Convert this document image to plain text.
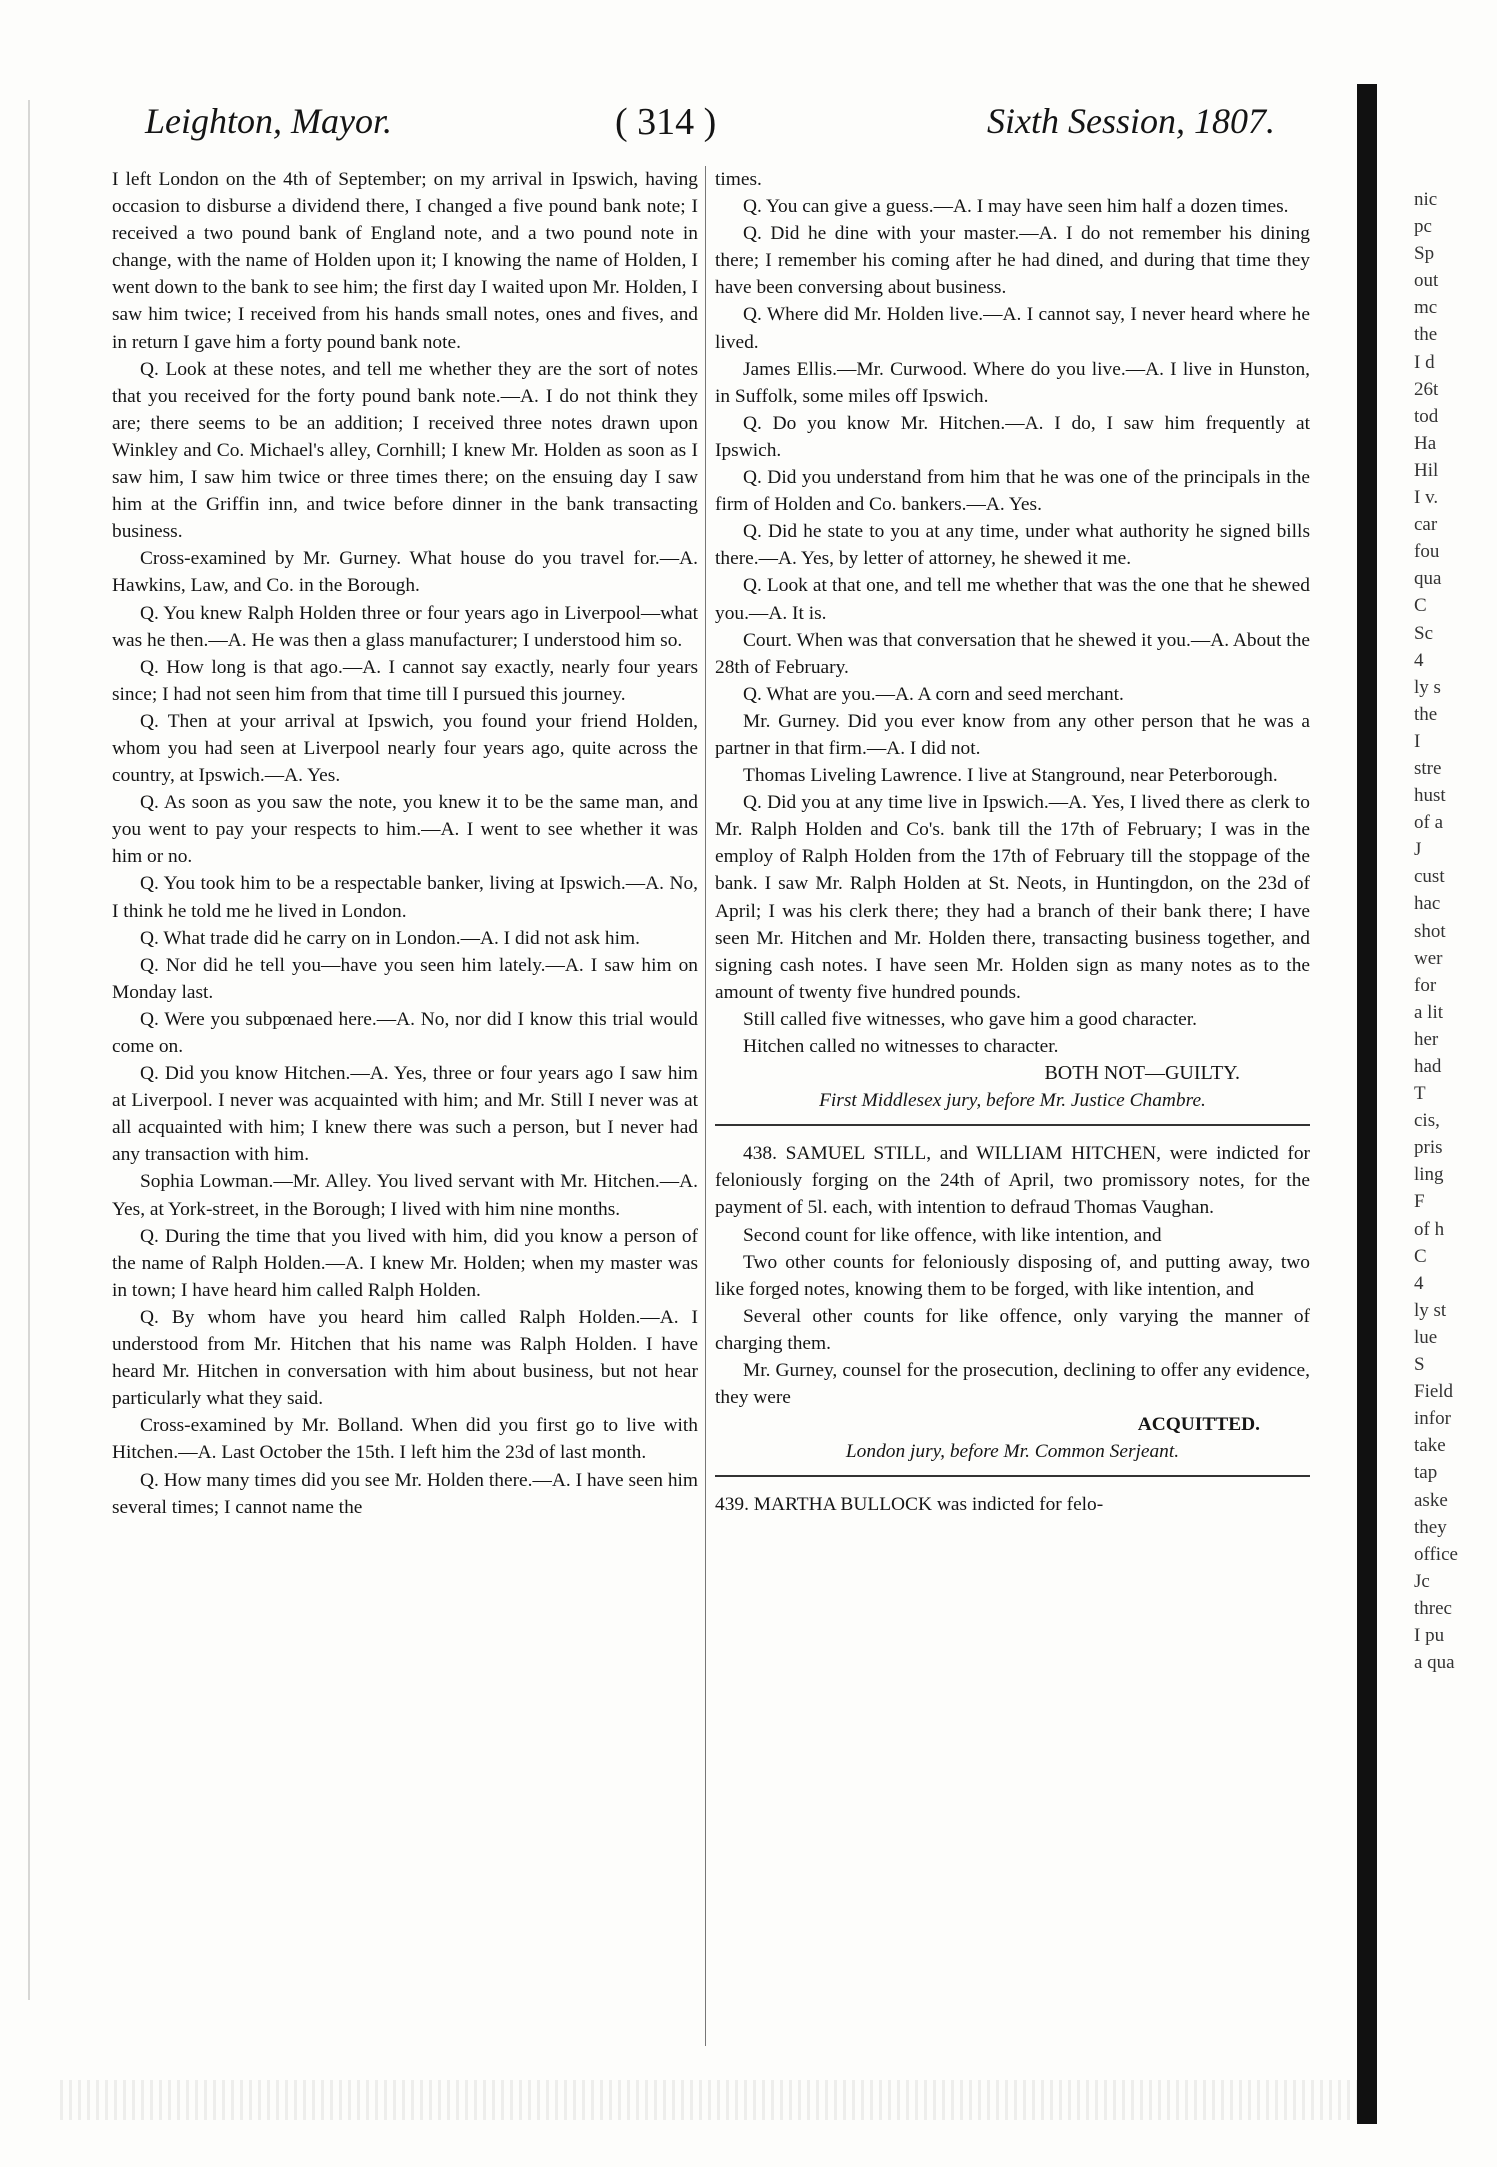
Leighton, Mayor.	( 314 )	Sixth Session, 1807.

I left London on the 4th of September; on my arrival in Ipswich, having occasion to disburse a dividend there, I changed a five pound bank note; I received a two pound bank of England note, and a two pound note in change, with the name of Holden upon it; I knowing the name of Holden, I went down to the bank to see him; the first day I waited upon Mr. Holden, I saw him twice; I received from his hands small notes, ones and fives, and in return I gave him a forty pound bank note.

Q. Look at these notes, and tell me whether they are the sort of notes that you received for the forty pound bank note.—A. I do not think they are; there seems to be an addition; I received three notes drawn upon Winkley and Co. Michael's alley, Cornhill; I knew Mr. Holden as soon as I saw him, I saw him twice or three times there; on the ensuing day I saw him at the Griffin inn, and twice before dinner in the bank transacting business.

Cross-examined by Mr. Gurney. What house do you travel for.—A. Hawkins, Law, and Co. in the Borough.

Q. You knew Ralph Holden three or four years ago in Liverpool—what was he then.—A. He was then a glass manufacturer; I understood him so.

Q. How long is that ago.—A. I cannot say exactly, nearly four years since; I had not seen him from that time till I pursued this journey.

Q. Then at your arrival at Ipswich, you found your friend Holden, whom you had seen at Liverpool nearly four years ago, quite across the country, at Ipswich.—A. Yes.

Q. As soon as you saw the note, you knew it to be the same man, and you went to pay your respects to him.—A. I went to see whether it was him or no.

Q. You took him to be a respectable banker, living at Ipswich.—A. No, I think he told me he lived in London.

Q. What trade did he carry on in London.—A. I did not ask him.

Q. Nor did he tell you—have you seen him lately.—A. I saw him on Monday last.

Q. Were you subpœnaed here.—A. No, nor did I know this trial would come on.

Q. Did you know Hitchen.—A. Yes, three or four years ago I saw him at Liverpool. I never was acquainted with him; and Mr. Still I never was at all acquainted with him; I knew there was such a person, but I never had any transaction with him.

Sophia Lowman.—Mr. Alley. You lived servant with Mr. Hitchen.—A. Yes, at York-street, in the Borough; I lived with him nine months.

Q. During the time that you lived with him, did you know a person of the name of Ralph Holden.—A. I knew Mr. Holden; when my master was in town; I have heard him called Ralph Holden.

Q. By whom have you heard him called Ralph Holden.—A. I understood from Mr. Hitchen that his name was Ralph Holden. I have heard Mr. Hitchen in conversation with him about business, but not hear particularly what they said.

Cross-examined by Mr. Bolland. When did you first go to live with Hitchen.—A. Last October the 15th. I left him the 23d of last month.

Q. How many times did you see Mr. Holden there.—A. I have seen him several times; I cannot name the

times.

Q. You can give a guess.—A. I may have seen him half a dozen times.

Q. Did he dine with your master.—A. I do not remember his dining there; I remember his coming after he had dined, and during that time they have been conversing about business.

Q. Where did Mr. Holden live.—A. I cannot say, I never heard where he lived.

James Ellis.—Mr. Curwood. Where do you live.—A. I live in Hunston, in Suffolk, some miles off Ipswich.

Q. Do you know Mr. Hitchen.—A. I do, I saw him frequently at Ipswich.

Q. Did you understand from him that he was one of the principals in the firm of Holden and Co. bankers.—A. Yes.

Q. Did he state to you at any time, under what authority he signed bills there.—A. Yes, by letter of attorney, he shewed it me.

Q. Look at that one, and tell me whether that was the one that he shewed you.—A. It is.

Court. When was that conversation that he shewed it you.—A. About the 28th of February.

Q. What are you.—A. A corn and seed merchant.

Mr. Gurney. Did you ever know from any other person that he was a partner in that firm.—A. I did not.

Thomas Liveling Lawrence. I live at Stanground, near Peterborough.

Q. Did you at any time live in Ipswich.—A. Yes, I lived there as clerk to Mr. Ralph Holden and Co's. bank till the 17th of February; I was in the employ of Ralph Holden from the 17th of February till the stoppage of the bank. I saw Mr. Ralph Holden at St. Neots, in Huntingdon, on the 23d of April; I was his clerk there; they had a branch of their bank there; I have seen Mr. Hitchen and Mr. Holden there, transacting business together, and signing cash notes. I have seen Mr. Holden sign as many notes as to the amount of twenty five hundred pounds.

Still called five witnesses, who gave him a good character.

Hitchen called no witnesses to character.

BOTH NOT—GUILTY.

First Middlesex jury, before Mr. Justice Chambre.

438. SAMUEL STILL, and WILLIAM HITCHEN, were indicted for feloniously forging on the 24th of April, two promissory notes, for the payment of 5l. each, with intention to defraud Thomas Vaughan.

Second count for like offence, with like intention, and

Two other counts for feloniously disposing of, and putting away, two like forged notes, knowing them to be forged, with like intention, and

Several other counts for like offence, only varying the manner of charging them.

Mr. Gurney, counsel for the prosecution, declining to offer any evidence, they were

ACQUITTED.

London jury, before Mr. Common Serjeant.

439. MARTHA BULLOCK was indicted for felo-

nic
pc
Sp
out
mc
the
I d
26t
tod
Ha
Hil
I v.
car
fou
qua
C
Sc
4
ly s
the
I
stre
hust
of a
J
cust
hac
shot
wer
for
a lit
her
had
T
cis,
pris
ling
F
of h
C
4
ly st
lue
S
Field
infor
take
tap
aske
they
office
Jc
threc
I pu
a qua
